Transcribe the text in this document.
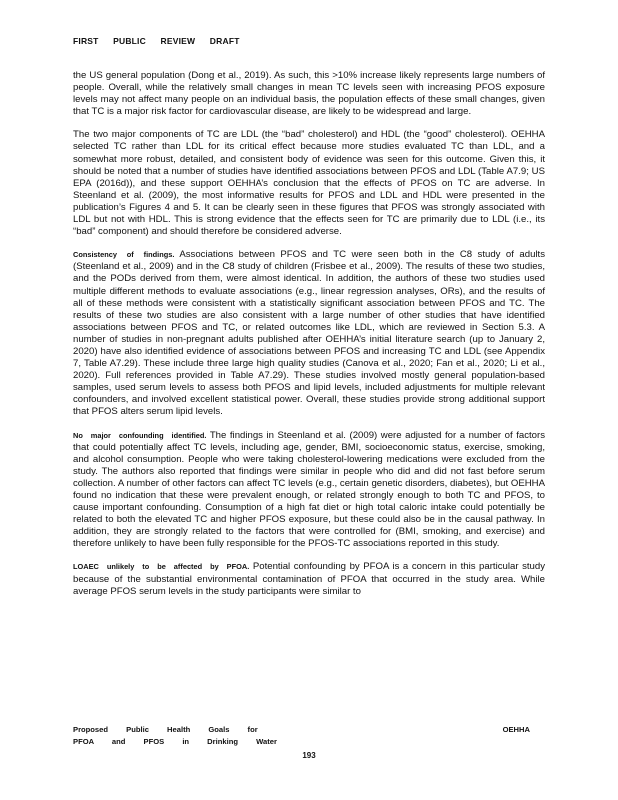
FIRST PUBLIC REVIEW DRAFT

the US general population (Dong et al., 2019). As such, this >10% increase likely represents large numbers of people. Overall, while the relatively small changes in mean TC levels seen with increasing PFOS exposure levels may not affect many people on an individual basis, the population effects of these small changes, given that TC is a major risk factor for cardiovascular disease, are likely to be widespread and large.

The two major components of TC are LDL (the “bad” cholesterol) and HDL (the “good” cholesterol). OEHHA selected TC rather than LDL for its critical effect because more studies evaluated TC than LDL, and a somewhat more robust, detailed, and consistent body of evidence was seen for this outcome. Given this, it should be noted that a number of studies have identified associations between PFOS and LDL (Table A7.9; US EPA (2016d)), and these support OEHHA’s conclusion that the effects of PFOS on TC are adverse. In Steenland et al. (2009), the most informative results for PFOS and LDL and HDL were presented in the publication’s Figures 4 and 5. It can be clearly seen in these figures that PFOS was strongly associated with LDL but not with HDL. This is strong evidence that the effects seen for TC are primarily due to LDL (i.e., its “bad” component) and should therefore be considered adverse.

Consistency of findings. Associations between PFOS and TC were seen both in the C8 study of adults (Steenland et al., 2009) and in the C8 study of children (Frisbee et al., 2009). The results of these two studies, and the PODs derived from them, were almost identical. In addition, the authors of these two studies used multiple different methods to evaluate associations (e.g., linear regression analyses, ORs), and the results of all of these methods were consistent with a statistically significant association between PFOS and TC. The results of these two studies are also consistent with a large number of other studies that have identified associations between PFOS and TC, or related outcomes like LDL, which are reviewed in Section 5.3. A number of studies in non-pregnant adults published after OEHHA’s initial literature search (up to January 2, 2020) have also identified evidence of associations between PFOS and increasing TC and LDL (see Appendix 7, Table A7.29). These include three large high quality studies (Canova et al., 2020; Fan et al., 2020; Li et al., 2020). Full references provided in Table A7.29). These studies involved mostly general population-based samples, used serum levels to assess both PFOS and lipid levels, included adjustments for multiple relevant confounders, and involved excellent statistical power. Overall, these studies provide strong additional support that PFOS alters serum lipid levels.

No major confounding identified. The findings in Steenland et al. (2009) were adjusted for a number of factors that could potentially affect TC levels, including age, gender, BMI, socioeconomic status, exercise, smoking, and alcohol consumption. People who were taking cholesterol-lowering medications were excluded from the study. The authors also reported that findings were similar in people who did and did not fast before serum collection. A number of other factors can affect TC levels (e.g., certain genetic disorders, diabetes), but OEHHA found no indication that these were prevalent enough, or related strongly enough to both TC and PFOS, to cause important confounding. Consumption of a high fat diet or high total caloric intake could potentially be related to both the elevated TC and higher PFOS exposure, but these could also be in the causal pathway. In addition, they are strongly related to the factors that were controlled for (BMI, smoking, and exercise) and therefore unlikely to have been fully responsible for the PFOS-TC associations reported in this study.

LOAEC unlikely to be affected by PFOA. Potential confounding by PFOA is a concern in this particular study because of the substantial environmental contamination of PFOA that occurred in the study area. While average PFOS serum levels in the study participants were similar to

Proposed Public Health Goals for
PFOA and PFOS in Drinking Water
OEHHA
193
